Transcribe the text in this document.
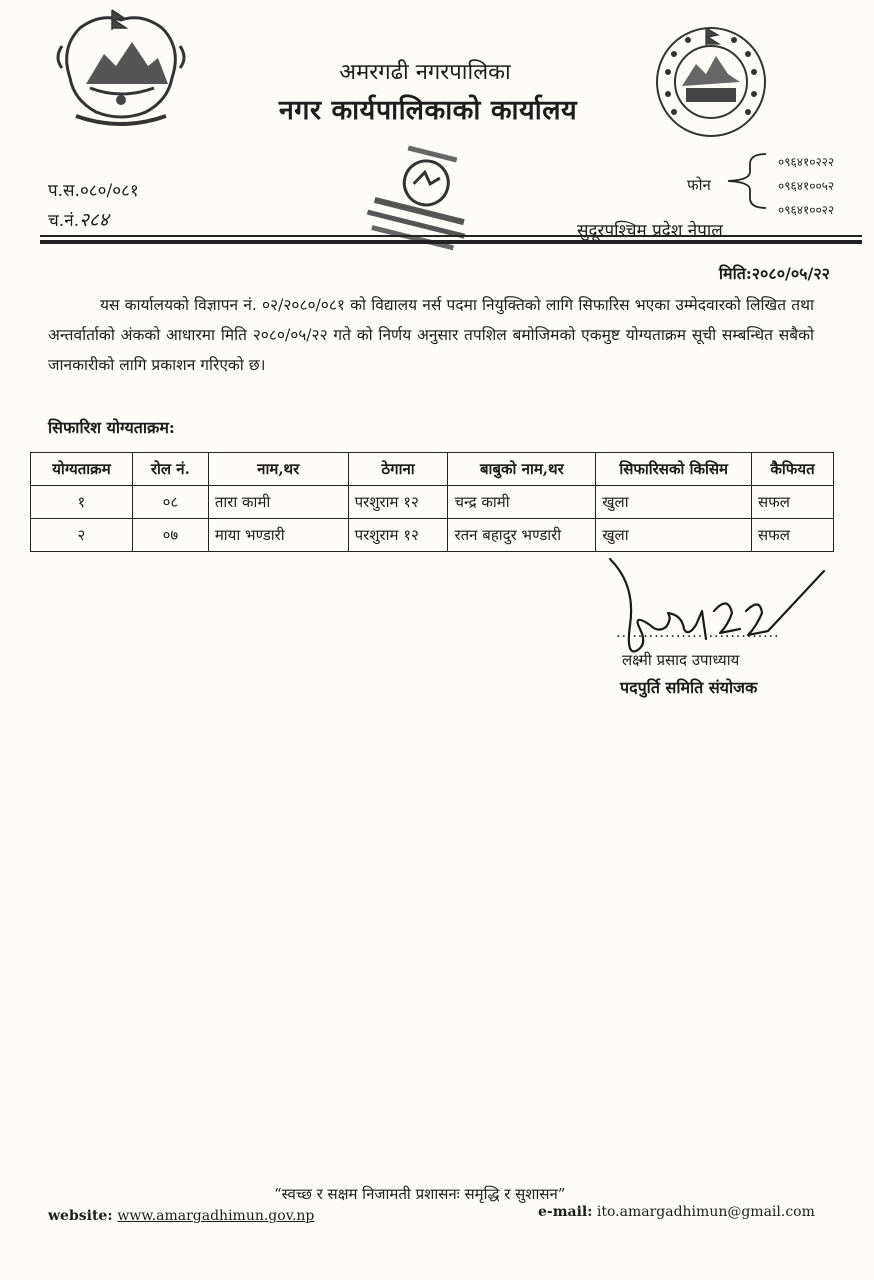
अमरगढी नगरपालिका
नगर कार्यपालिकाको कार्यालय
प.स.०८०/०८१
च.नं.२८४
फोन
०९६४१०२२२
०९६४१००५२
०९६४१००२२
सुदूरपश्चिम प्रदेश नेपाल
मिति:२०८०/०५/२२
यस कार्यालयको विज्ञापन नं. ०२/२०८०/०८१ को विद्यालय नर्स पदमा नियुक्तिको लागि सिफारिस भएका उम्मेदवारको लिखित तथा अन्तर्वार्ताको अंकको आधारमा मिति २०८०/०५/२२ गते को निर्णय अनुसार तपशिल बमोजिमको एकमुष्ट योग्यताक्रम सूची सम्बन्धित सबैको जानकारीको लागि प्रकाशन गरिएको छ।
सिफारिश योग्यताक्रम:
योग्यताक्रम	रोल नं.	नाम,थर	ठेगाना	बाबुको नाम,थर	सिफारिसको किसिम	कैफियत
१	०८	तारा कामी	परशुराम १२	चन्द्र कामी	खुला	सफल
२	०७	माया भण्डारी	परशुराम १२	रतन बहादुर भण्डारी	खुला	सफल
..............................
लक्ष्मी प्रसाद उपाध्याय
पदपुर्ति समिति संयोजक
“स्वच्छ र सक्षम निजामती प्रशासनः समृद्धि र सुशासन”
website: www.amargadhimun.gov.np	e-mail: ito.amargadhimun@gmail.com
